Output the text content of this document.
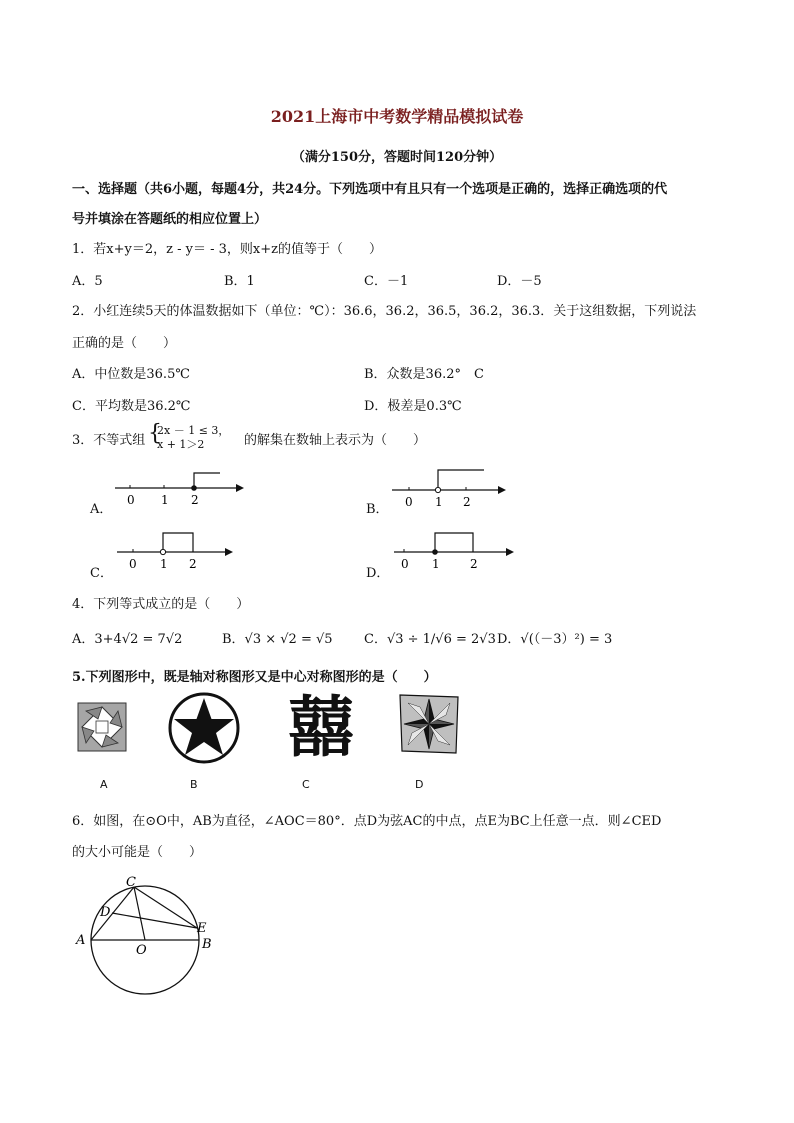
2021上海市中考数学精品模拟试卷
（满分150分，答题时间120分钟）
一、选择题（共6小题，每题4分，共24分。下列选项中有且只有一个选项是正确的，选择正确选项的代
号并填涂在答题纸的相应位置上）
1．若x+y＝2，z - y＝ - 3，则x+z的值等于（　　）
A．5	B．1	C．－1	D．－5
2．小红连续5天的体温数据如下（单位：℃）：36.6，36.2，36.5，36.2，36.3．关于这组数据，下列说法
正确的是（　　）
A．中位数是36.5℃	B．众数是36.2°　C
C．平均数是36.2℃	D．极差是0.3℃
3．不等式组 {
2x － 1 ≤ 3，
x + 1＞2	的解集在数轴上表示为（　　）
A．	B．
C．	D．
0 1 2	0 1 2
0 1 2	0 1	2
4．下列等式成立的是（　　）
A．3+4√2 = 7√2	B．√3 × √2 = √5 C．√3 ÷ 1/√6 = 2√3 D．√(（－3）²) = 3
5.下列图形中，既是轴对称图形又是中心对称图形的是（　　）
囍
A	B	C	D
6．如图，在⊙O中，AB为直径，∠AOC＝80°．点D为弦AC的中点，点E为BC上任意一点．则∠CED
的大小可能是（　　）
C
D
E
A
O	B
